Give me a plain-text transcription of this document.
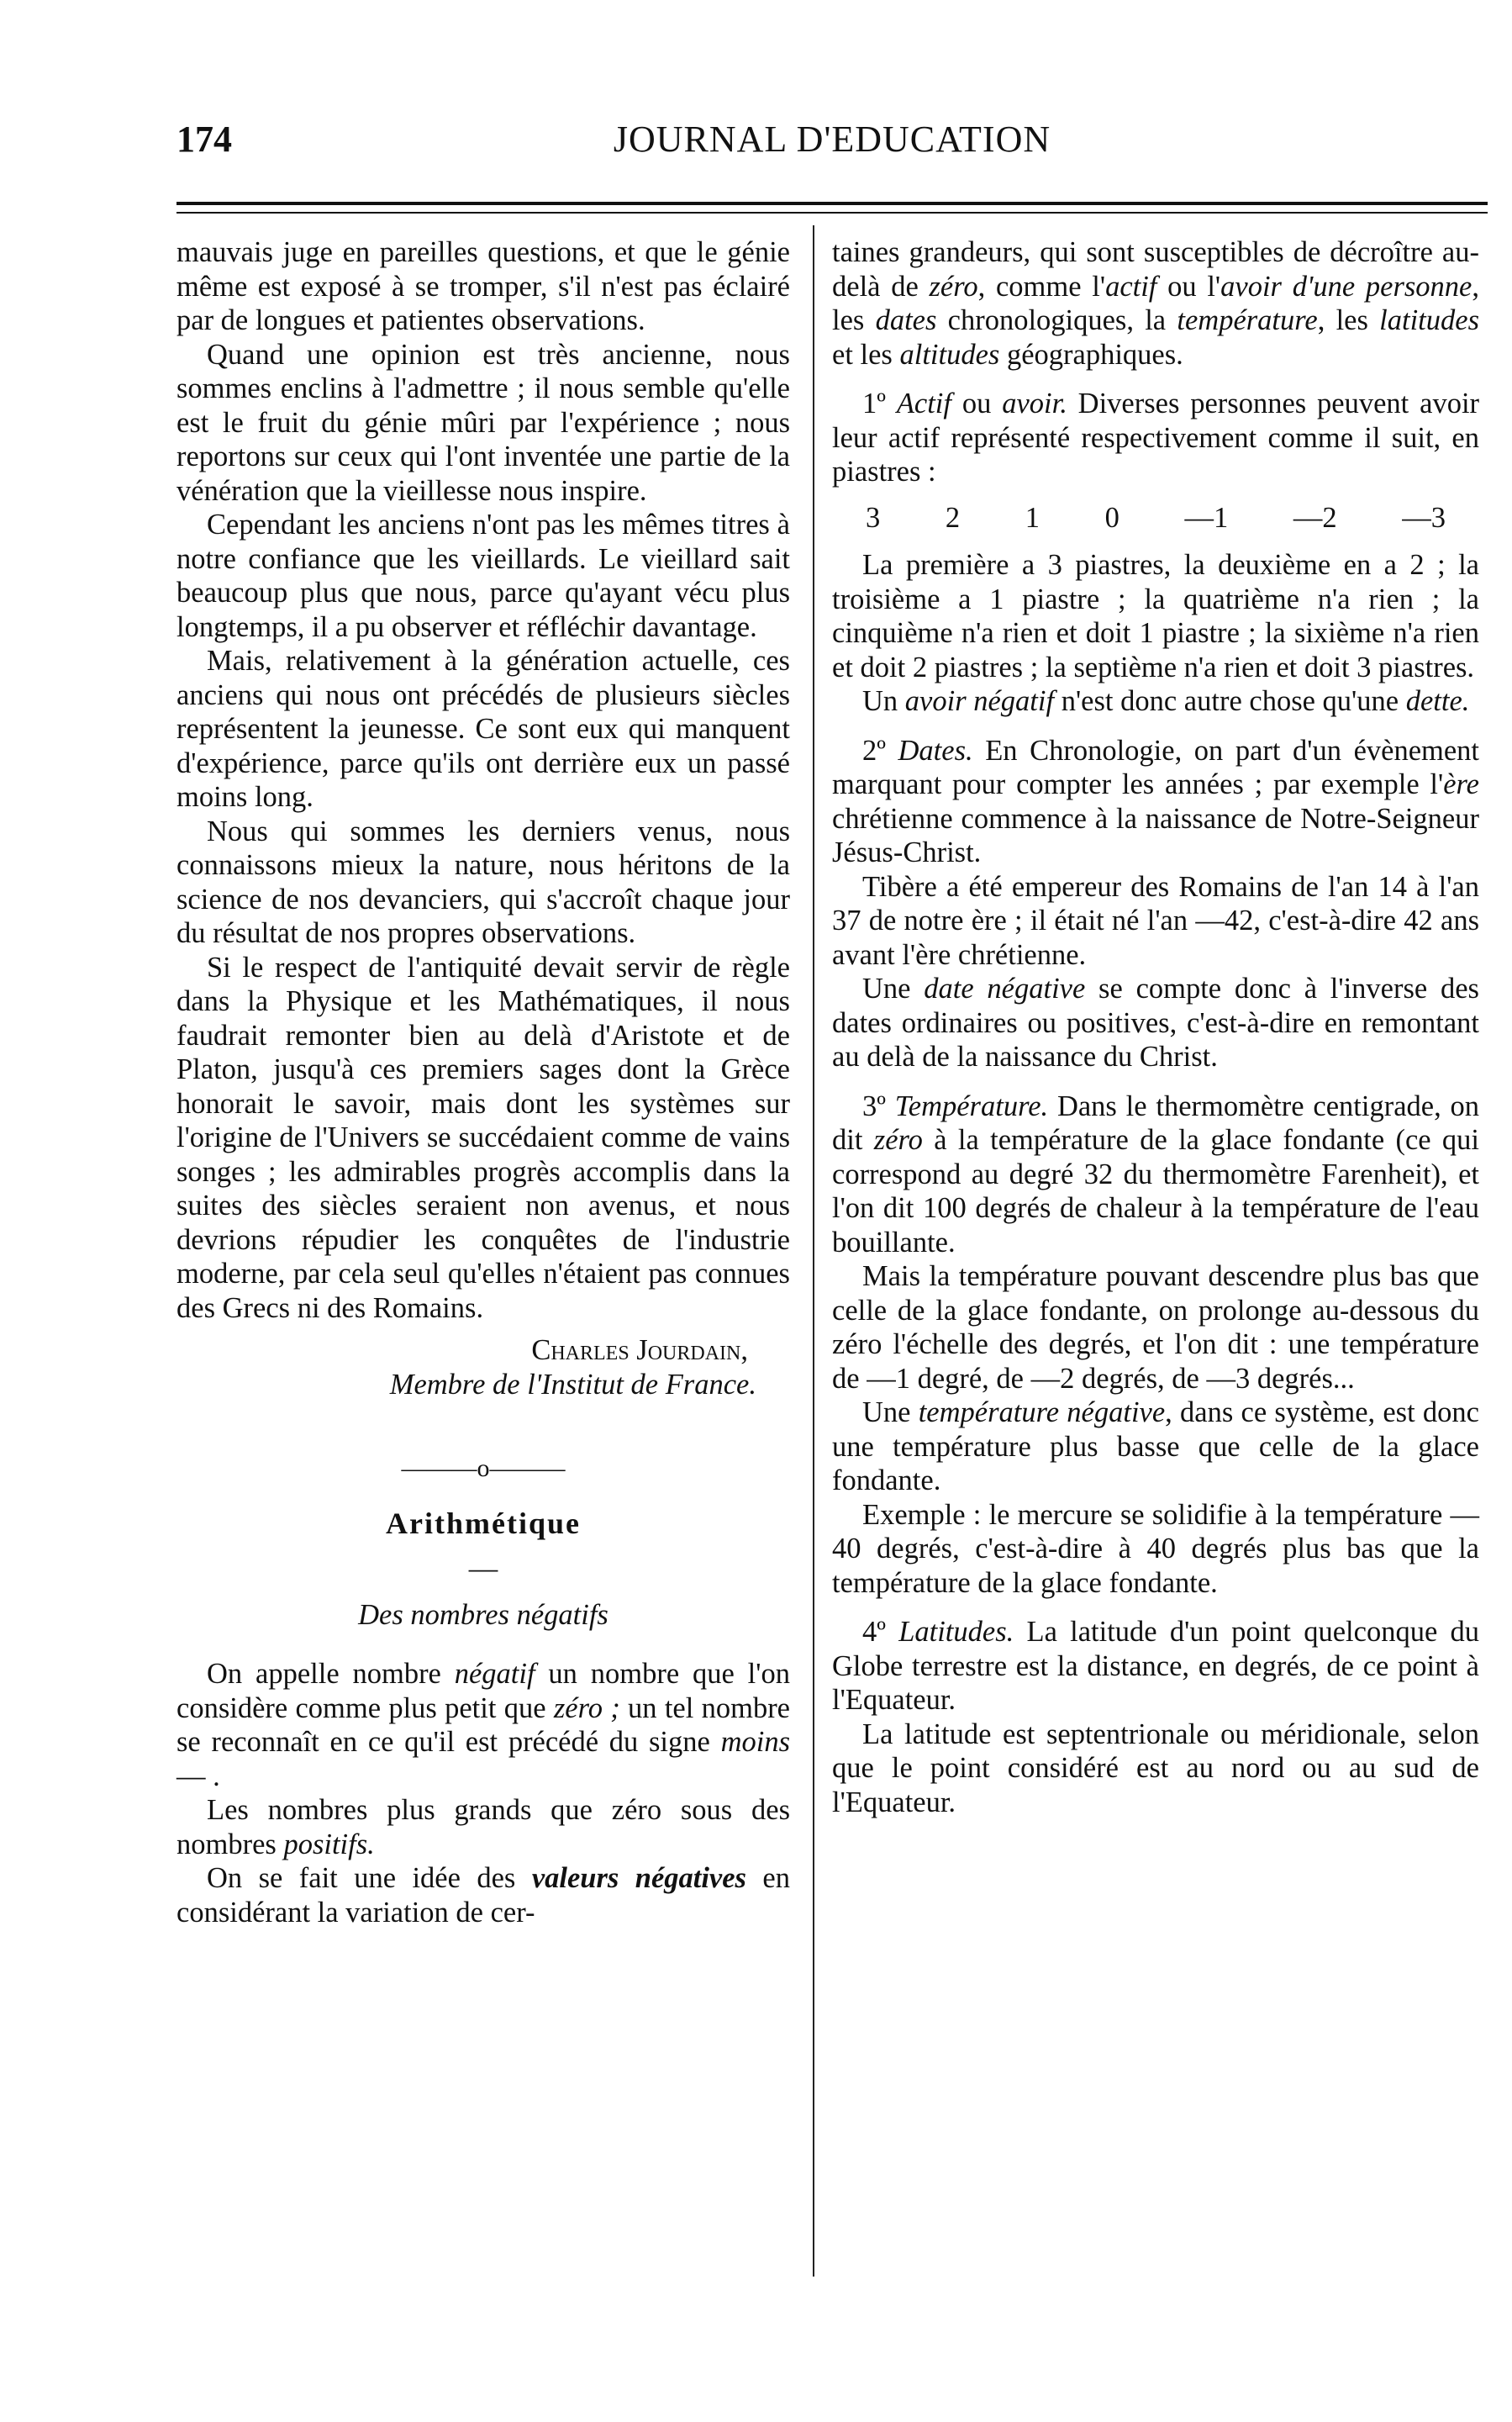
174	JOURNAL D'EDUCATION

mauvais juge en pareilles questions, et que le génie même est exposé à se tromper, s'il n'est pas éclairé par de longues et patientes observations.

Quand une opinion est très ancienne, nous sommes enclins à l'admettre ; il nous semble qu'elle est le fruit du génie mûri par l'expérience ; nous reportons sur ceux qui l'ont inventée une partie de la vénération que la vieillesse nous inspire.

Cependant les anciens n'ont pas les mêmes titres à notre confiance que les vieillards. Le vieillard sait beaucoup plus que nous, parce qu'ayant vécu plus longtemps, il a pu observer et réfléchir davantage.

Mais, relativement à la génération actuelle, ces anciens qui nous ont précédés de plusieurs siècles représentent la jeunesse. Ce sont eux qui manquent d'expérience, parce qu'ils ont derrière eux un passé moins long.

Nous qui sommes les derniers venus, nous connaissons mieux la nature, nous héritons de la science de nos devanciers, qui s'accroît chaque jour du résultat de nos propres observations.

Si le respect de l'antiquité devait servir de règle dans la Physique et les Mathématiques, il nous faudrait remonter bien au delà d'Aristote et de Platon, jusqu'à ces premiers sages dont la Grèce honorait le savoir, mais dont les systèmes sur l'origine de l'Univers se succédaient comme de vains songes ; les admirables progrès accomplis dans la suites des siècles seraient non avenus, et nous devrions répudier les conquêtes de l'industrie moderne, par cela seul qu'elles n'étaient pas connues des Grecs ni des Romains.

Charles Jourdain,
Membre de l'Institut de France.
———o———
Arithmétique
—
Des nombres négatifs

On appelle nombre négatif un nombre que l'on considère comme plus petit que zéro ; un tel nombre se reconnaît en ce qu'il est précédé du signe moins — .

Les nombres plus grands que zéro sous des nombres positifs.

On se fait une idée des valeurs négatives en considérant la variation de cer-

taines grandeurs, qui sont susceptibles de décroître au-delà de zéro, comme l'actif ou l'avoir d'une personne, les dates chronologiques, la température, les latitudes et les altitudes géographiques.

1º Actif ou avoir. Diverses personnes peuvent avoir leur actif représenté respectivement comme il suit, en piastres :

3 2 1 0 —1 —2 —3

La première a 3 piastres, la deuxième en a 2 ; la troisième a 1 piastre ; la quatrième n'a rien ; la cinquième n'a rien et doit 1 piastre ; la sixième n'a rien et doit 2 piastres ; la septième n'a rien et doit 3 piastres.

Un avoir négatif n'est donc autre chose qu'une dette.

2º Dates. En Chronologie, on part d'un évènement marquant pour compter les années ; par exemple l'ère chrétienne commence à la naissance de Notre-Seigneur Jésus-Christ.

Tibère a été empereur des Romains de l'an 14 à l'an 37 de notre ère ; il était né l'an —42, c'est-à-dire 42 ans avant l'ère chrétienne.

Une date négative se compte donc à l'inverse des dates ordinaires ou positives, c'est-à-dire en remontant au delà de la naissance du Christ.

3º Température. Dans le thermomètre centigrade, on dit zéro à la température de la glace fondante (ce qui correspond au degré 32 du thermomètre Farenheit), et l'on dit 100 degrés de chaleur à la température de l'eau bouillante.

Mais la température pouvant descendre plus bas que celle de la glace fondante, on prolonge au-dessous du zéro l'échelle des degrés, et l'on dit : une température de —1 degré, de —2 degrés, de —3 degrés...

Une température négative, dans ce système, est donc une température plus basse que celle de la glace fondante.

Exemple : le mercure se solidifie à la température —40 degrés, c'est-à-dire à 40 degrés plus bas que la température de la glace fondante.

4º Latitudes. La latitude d'un point quelconque du Globe terrestre est la distance, en degrés, de ce point à l'Equateur.

La latitude est septentrionale ou méridionale, selon que le point considéré est au nord ou au sud de l'Equateur.
